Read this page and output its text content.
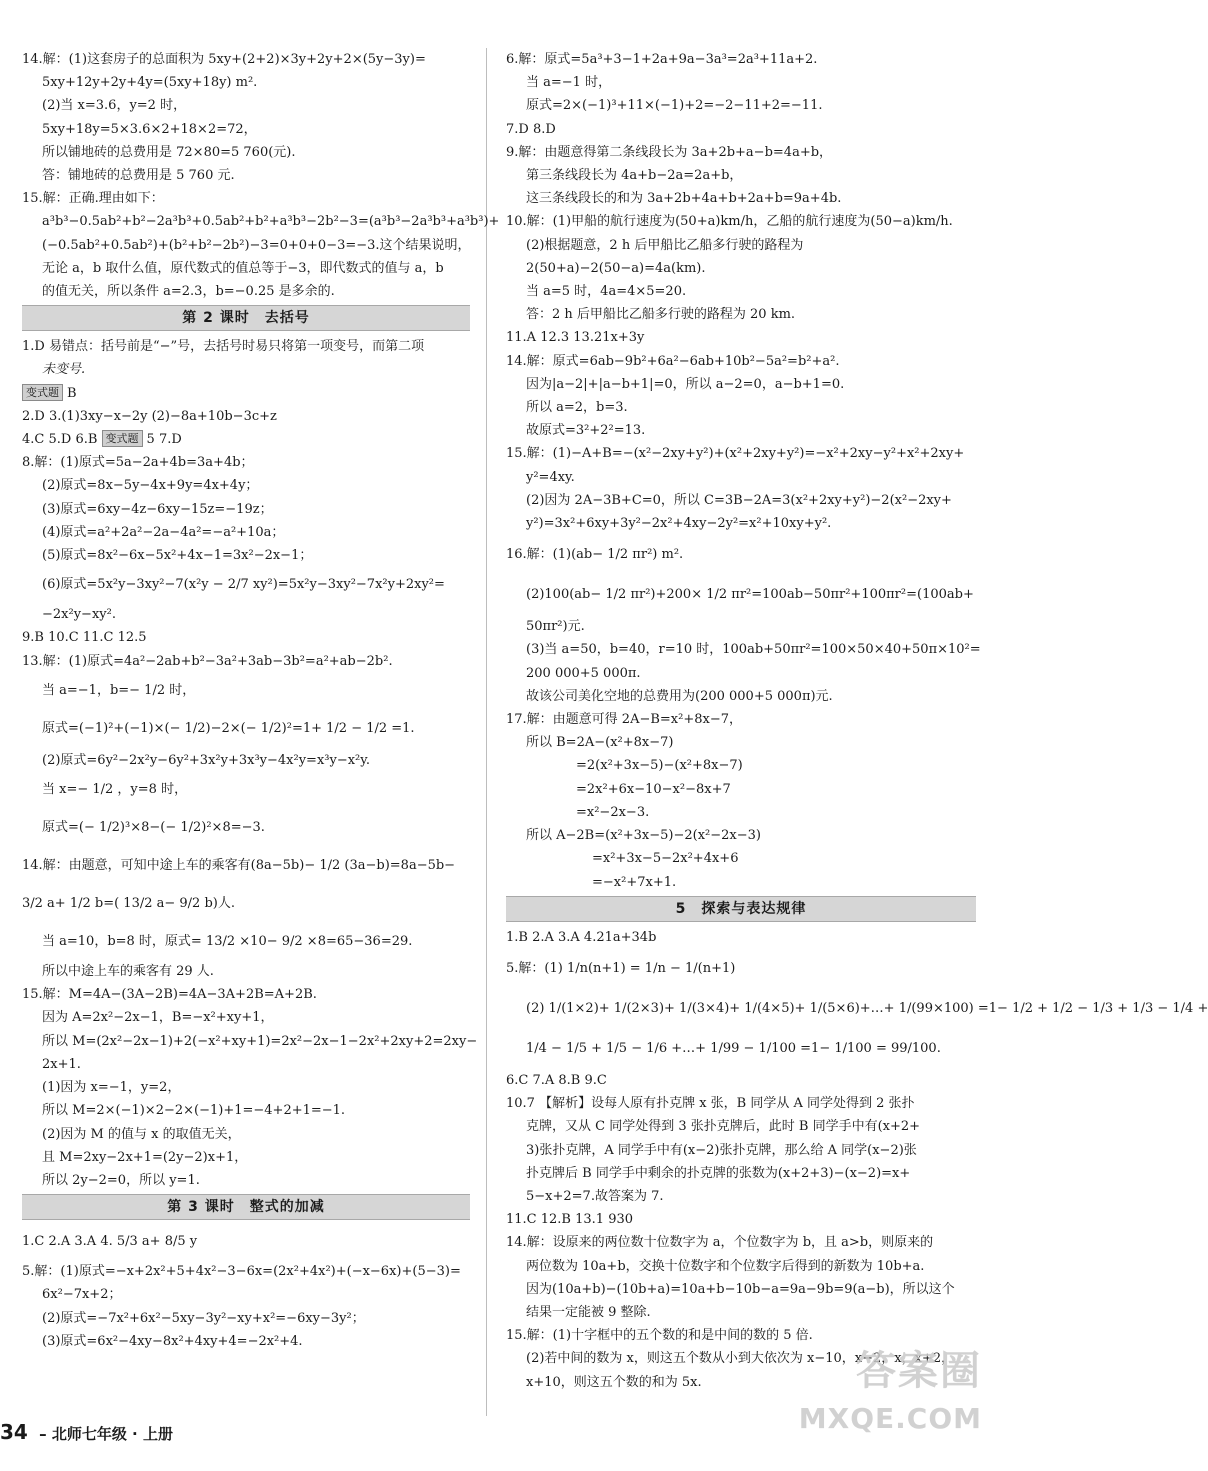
14.解：(1)这套房子的总面积为 5xy+(2+2)×3y+2y+2×(5y−3y)=
5xy+12y+2y+4y=(5xy+18y) m².
(2)当 x=3.6，y=2 时，
5xy+18y=5×3.6×2+18×2=72，
所以铺地砖的总费用是 72×80=5 760(元).
答：铺地砖的总费用是 5 760 元.
15.解：正确.理由如下：
a³b³−0.5ab²+b²−2a³b³+0.5ab²+b²+a³b³−2b²−3=(a³b³−2a³b³+a³b³)+
(−0.5ab²+0.5ab²)+(b²+b²−2b²)−3=0+0+0−3=−3.这个结果说明，
无论 a，b 取什么值，原代数式的值总等于−3，即代数式的值与 a，b
的值无关，所以条件 a=2.3，b=−0.25 是多余的.
第 2 课时　去括号
1.D 易错点：括号前是“−”号，去括号时易只将第一项变号，而第二项
未变号.
变式题 B
2.D 3.(1)3xy−x−2y (2)−8a+10b−3c+z
4.C 5.D 6.B 变式题 5 7.D
8.解：(1)原式=5a−2a+4b=3a+4b；
(2)原式=8x−5y−4x+9y=4x+4y；
(3)原式=6xy−4z−6xy−15z=−19z；
(4)原式=a²+2a²−2a−4a²=−a²+10a；
(5)原式=8x²−6x−5x²+4x−1=3x²−2x−1；
(6)原式=5x²y−3xy²−7(x²y − 2/7 xy²)=5x²y−3xy²−7x²y+2xy²=
−2x²y−xy².
9.B 10.C 11.C 12.5
13.解：(1)原式=4a²−2ab+b²−3a²+3ab−3b²=a²+ab−2b².
当 a=−1，b=− 1/2 时，
原式=(−1)²+(−1)×(− 1/2)−2×(− 1/2)²=1+ 1/2 − 1/2 =1.
(2)原式=6y²−2x²y−6y²+3x²y+3x³y−4x²y=x³y−x²y.
当 x=− 1/2 ，y=8 时，
原式=(− 1/2)³×8−(− 1/2)²×8=−3.
14.解：由题意，可知中途上车的乘客有(8a−5b)− 1/2 (3a−b)=8a−5b−
3/2 a+ 1/2 b=( 13/2 a− 9/2 b)人.
当 a=10，b=8 时，原式= 13/2 ×10− 9/2 ×8=65−36=29.
所以中途上车的乘客有 29 人.
15.解：M=4A−(3A−2B)=4A−3A+2B=A+2B.
因为 A=2x²−2x−1，B=−x²+xy+1，
所以 M=(2x²−2x−1)+2(−x²+xy+1)=2x²−2x−1−2x²+2xy+2=2xy−
2x+1.
(1)因为 x=−1，y=2，
所以 M=2×(−1)×2−2×(−1)+1=−4+2+1=−1.
(2)因为 M 的值与 x 的取值无关，
且 M=2xy−2x+1=(2y−2)x+1，
所以 2y−2=0，所以 y=1.
第 3 课时　整式的加减
1.C 2.A 3.A 4. 5/3 a+ 8/5 y
5.解：(1)原式=−x+2x²+5+4x²−3−6x=(2x²+4x²)+(−x−6x)+(5−3)=
6x²−7x+2；
(2)原式=−7x²+6x²−5xy−3y²−xy+x²=−6xy−3y²；
(3)原式=6x²−4xy−8x²+4xy+4=−2x²+4.
6.解：原式=5a³+3−1+2a+9a−3a³=2a³+11a+2.
当 a=−1 时，
原式=2×(−1)³+11×(−1)+2=−2−11+2=−11.
7.D 8.D
9.解：由题意得第二条线段长为 3a+2b+a−b=4a+b，
第三条线段长为 4a+b−2a=2a+b，
这三条线段长的和为 3a+2b+4a+b+2a+b=9a+4b.
10.解：(1)甲船的航行速度为(50+a)km/h，乙船的航行速度为(50−a)km/h.
(2)根据题意，2 h 后甲船比乙船多行驶的路程为
2(50+a)−2(50−a)=4a(km).
当 a=5 时，4a=4×5=20.
答：2 h 后甲船比乙船多行驶的路程为 20 km.
11.A 12.3 13.21x+3y
14.解：原式=6ab−9b²+6a²−6ab+10b²−5a²=b²+a².
因为|a−2|+|a−b+1|=0，所以 a−2=0，a−b+1=0.
所以 a=2，b=3.
故原式=3²+2²=13.
15.解：(1)−A+B=−(x²−2xy+y²)+(x²+2xy+y²)=−x²+2xy−y²+x²+2xy+
y²=4xy.
(2)因为 2A−3B+C=0，所以 C=3B−2A=3(x²+2xy+y²)−2(x²−2xy+
y²)=3x²+6xy+3y²−2x²+4xy−2y²=x²+10xy+y².
16.解：(1)(ab− 1/2 πr²) m².
(2)100(ab− 1/2 πr²)+200× 1/2 πr²=100ab−50πr²+100πr²=(100ab+
50πr²)元.
(3)当 a=50，b=40，r=10 时，100ab+50πr²=100×50×40+50π×10²=
200 000+5 000π.
故该公司美化空地的总费用为(200 000+5 000π)元.
17.解：由题意可得 2A−B=x²+8x−7，
所以 B=2A−(x²+8x−7)
=2(x²+3x−5)−(x²+8x−7)
=2x²+6x−10−x²−8x+7
=x²−2x−3.
所以 A−2B=(x²+3x−5)−2(x²−2x−3)
=x²+3x−5−2x²+4x+6
=−x²+7x+1.
5　探索与表达规律
1.B 2.A 3.A 4.21a+34b
5.解：(1) 1/n(n+1) = 1/n − 1/(n+1)
(2) 1/(1×2)+ 1/(2×3)+ 1/(3×4)+ 1/(4×5)+ 1/(5×6)+…+ 1/(99×100) =1− 1/2 + 1/2 − 1/3 + 1/3 − 1/4 +
1/4 − 1/5 + 1/5 − 1/6 +…+ 1/99 − 1/100 =1− 1/100 = 99/100.
6.C 7.A 8.B 9.C
10.7 【解析】设每人原有扑克牌 x 张，B 同学从 A 同学处得到 2 张扑
克牌，又从 C 同学处得到 3 张扑克牌后，此时 B 同学手中有(x+2+
3)张扑克牌，A 同学手中有(x−2)张扑克牌，那么给 A 同学(x−2)张
扑克牌后 B 同学手中剩余的扑克牌的张数为(x+2+3)−(x−2)=x+
5−x+2=7.故答案为 7.
11.C 12.B 13.1 930
14.解：设原来的两位数十位数字为 a，个位数字为 b，且 a>b，则原来的
两位数为 10a+b，交换十位数字和个位数字后得到的新数为 10b+a.
因为(10a+b)−(10b+a)=10a+b−10b−a=9a−9b=9(a−b)，所以这个
结果一定能被 9 整除.
15.解：(1)十字框中的五个数的和是中间的数的 5 倍.
(2)若中间的数为 x，则这五个数从小到大依次为 x−10，x−2，x，x+2，
x+10，则这五个数的和为 5x.
34 – 北师七年级 · 上册
答案圈
MXQE.COM
